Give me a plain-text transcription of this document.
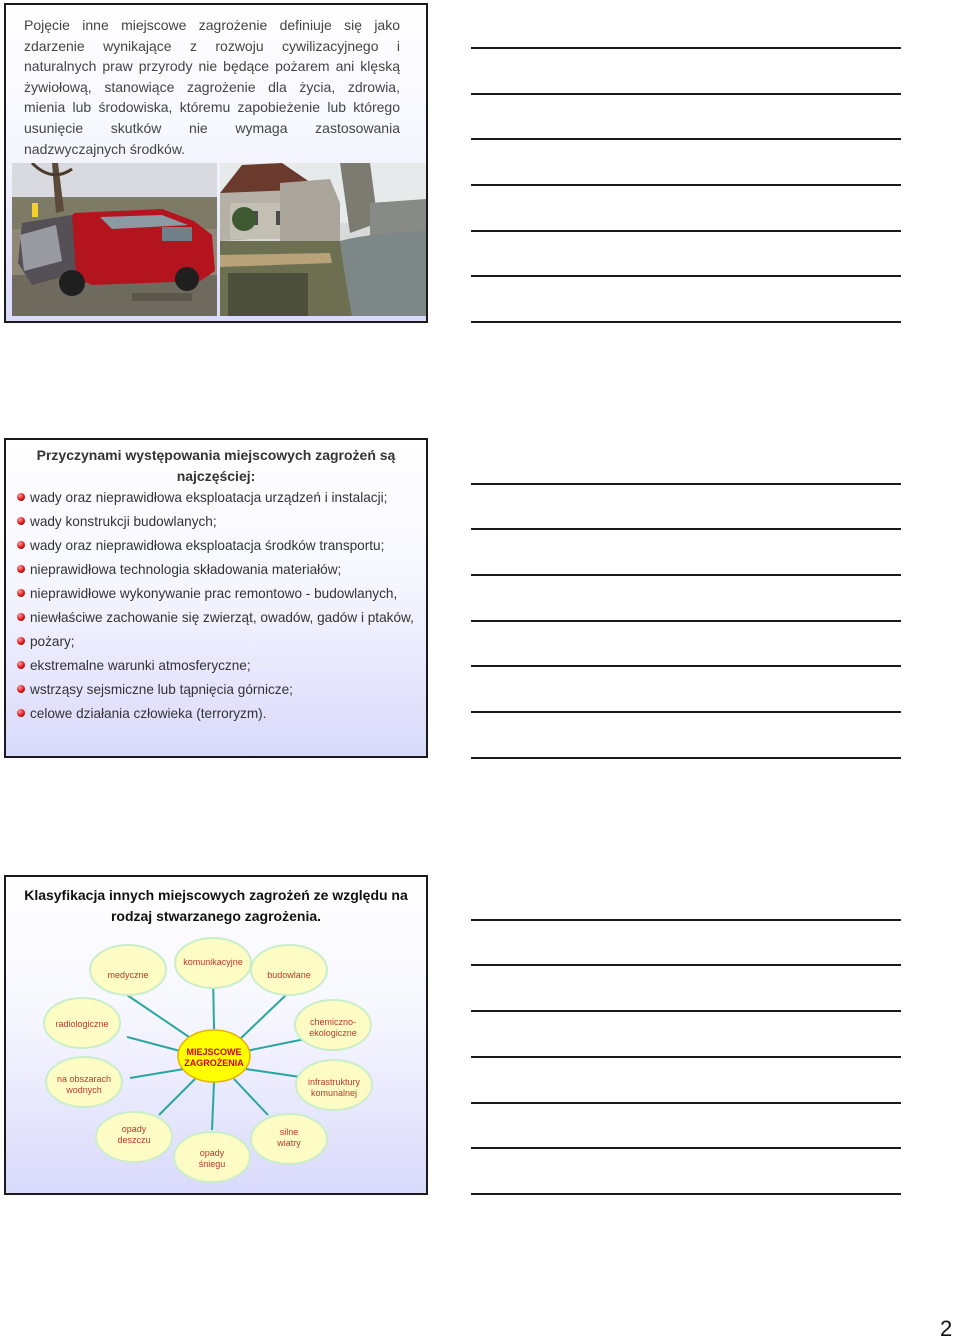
Pojęcie inne miejscowe zagrożenie definiuje się jako zdarzenie wynikające z rozwoju cywilizacyjnego i naturalnych praw przyrody nie będące pożarem ani klęską żywiołową, stanowiące zagrożenie dla życia, zdrowia, mienia lub środowiska, któremu zapobieżenie lub którego usunięcie skutków nie wymaga zastosowania nadzwyczajnych środków.

Przyczynami występowania miejscowych zagrożeń są najczęściej:
wady oraz nieprawidłowa eksploatacja urządzeń i instalacji;
wady konstrukcji budowlanych;
wady oraz nieprawidłowa eksploatacja środków transportu;
nieprawidłowa technologia składowania materiałów;
nieprawidłowe wykonywanie prac remontowo - budowlanych,
niewłaściwe zachowanie się zwierząt, owadów, gadów i ptaków,
pożary;
ekstremalne warunki atmosferyczne;
wstrząsy sejsmiczne lub tąpnięcia górnicze;
celowe działania człowieka (terroryzm).
Klasyfikacja innych miejscowych zagrożeń ze względu na rodzaj stwarzanego zagrożenia.
medyczne
komunikacyjne
budowlane
radiologiczne	chemiczno-ekologiczne
na obszarach wodnych
infrastruktury komunalnej
opady deszczu
opady śniegu
silne wiatry
MIEJSCOWE ZAGROŻENIA
2
